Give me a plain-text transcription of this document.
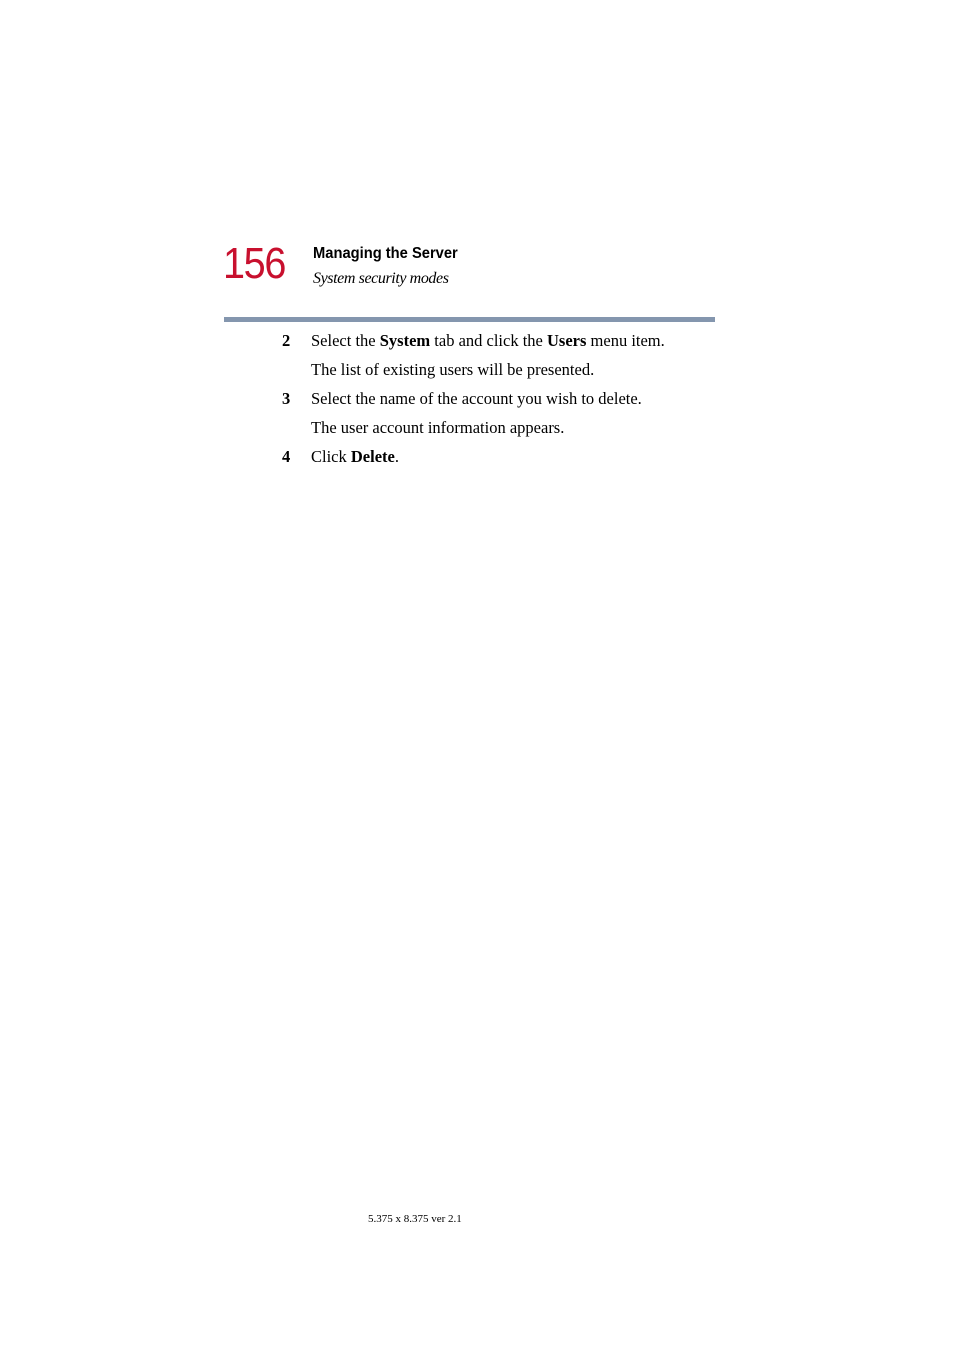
156 Managing the Server
System security modes
2 Select the System tab and click the Users menu item.
The list of existing users will be presented.
3 Select the name of the account you wish to delete.
The user account information appears.
4 Click Delete.
5.375 x 8.375 ver 2.1
